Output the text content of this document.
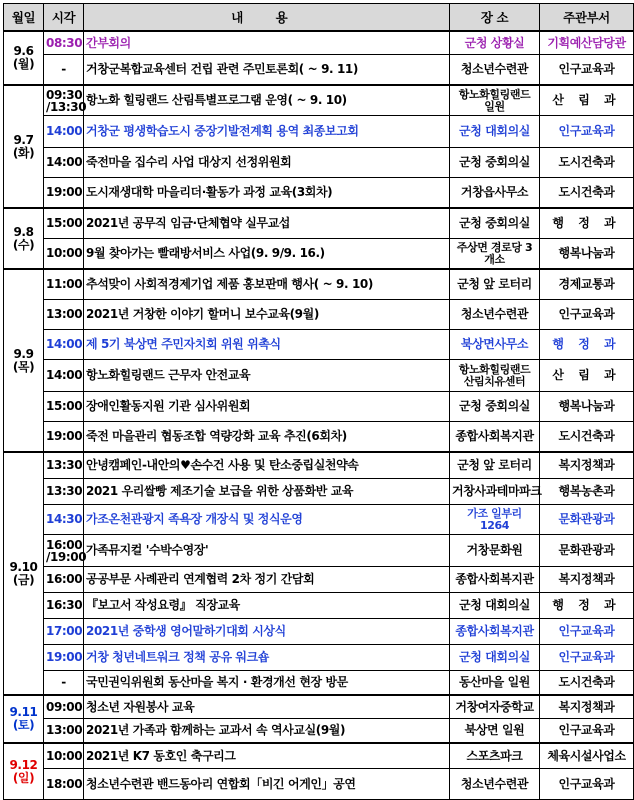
월일	시각	내 용	장 소	주관부서

9.6
(월)	08:30	간부회의	군청 상황실	기획예산담당관
	-	거창군복합교육센터 건립 관련 주민토론회( ~ 9. 11)	청소년수련관	인구교육과

9.7
(화)	09:30 /13:30	항노화 힐링랜드 산림특별프로그램 운영( ~ 9. 10)	항노화힐링랜드 일원	산 림 과
	14:00	거창군 평생학습도시 중장기발전계획 용역 최종보고회	군청 대회의실	인구교육과
	14:00	죽전마을 집수리 사업 대상지 선정위원회	군청 중회의실	도시건축과
	19:00	도시재생대학 마을리더·활동가 과정 교육(3회차)	거창읍사무소	도시건축과

9.8
(수)	15:00	2021년 공무직 임금·단체협약 실무교섭	군청 중회의실	행 정 과
	10:00	9월 찾아가는 빨래방서비스 사업(9. 9/9. 16.)	주상면 경로당 3개소	행복나눔과

9.9
(목)	11:00	추석맞이 사회적경제기업 제품 홍보판매 행사( ~ 9. 10)	군청 앞 로터리	경제교통과
	13:00	2021년 거창한 이야기 할머니 보수교육(9월)	청소년수련관	인구교육과
	14:00	제 5기 북상면 주민자치회 위원 위촉식	북상면사무소	행 정 과
	14:00	항노화힐링랜드 근무자 안전교육	항노화힐링랜드 산림치유센터	산 림 과
	15:00	장애인활동지원 기관 심사위원회	군청 중회의실	행복나눔과
	19:00	죽전 마을관리 협동조합 역량강화 교육 추진(6회차)	종합사회복지관	도시건축과

9.10
(금)	13:30	안녕캠페인-내안의♥손수건 사용 및 탄소중립실천약속	군청 앞 로터리	복지정책과
	13:30	2021 우리쌀빵 제조기술 보급을 위한 상품화반 교육	거창사과테마파크	행복농촌과
	14:30	가조온천관광지 족욕장 개장식 및 정식운영	가조 일부리 1264	문화관광과
	16:00 /19:00	가족뮤지컬 '수박수영장'	거창문화원	문화관광과
	16:00	공공부문 사례관리 연계협력 2차 정기 간담회	종합사회복지관	복지정책과
	16:30	『보고서 작성요령』 직장교육	군청 대회의실	행 정 과
	17:00	2021년 중학생 영어말하기대회 시상식	종합사회복지관	인구교육과
	19:00	거창 청년네트워크 정책 공유 워크숍	군청 대회의실	인구교육과
	-	국민권익위원회 동산마을 복지 · 환경개선 현장 방문	동산마을 일원	도시건축과

9.11
(토)	09:00	청소년 자원봉사 교육	거창여자중학교	복지정책과
	13:00	2021년 가족과 함께하는 교과서 속 역사교실(9월)	북상면 일원	인구교육과

9.12
(일)	10:00	2021년 K7 동호인 축구리그	스포츠파크	체육시설사업소
	18:00	청소년수련관 밴드동아리 연합회「비긴 어게인」공연	청소년수련관	인구교육과
